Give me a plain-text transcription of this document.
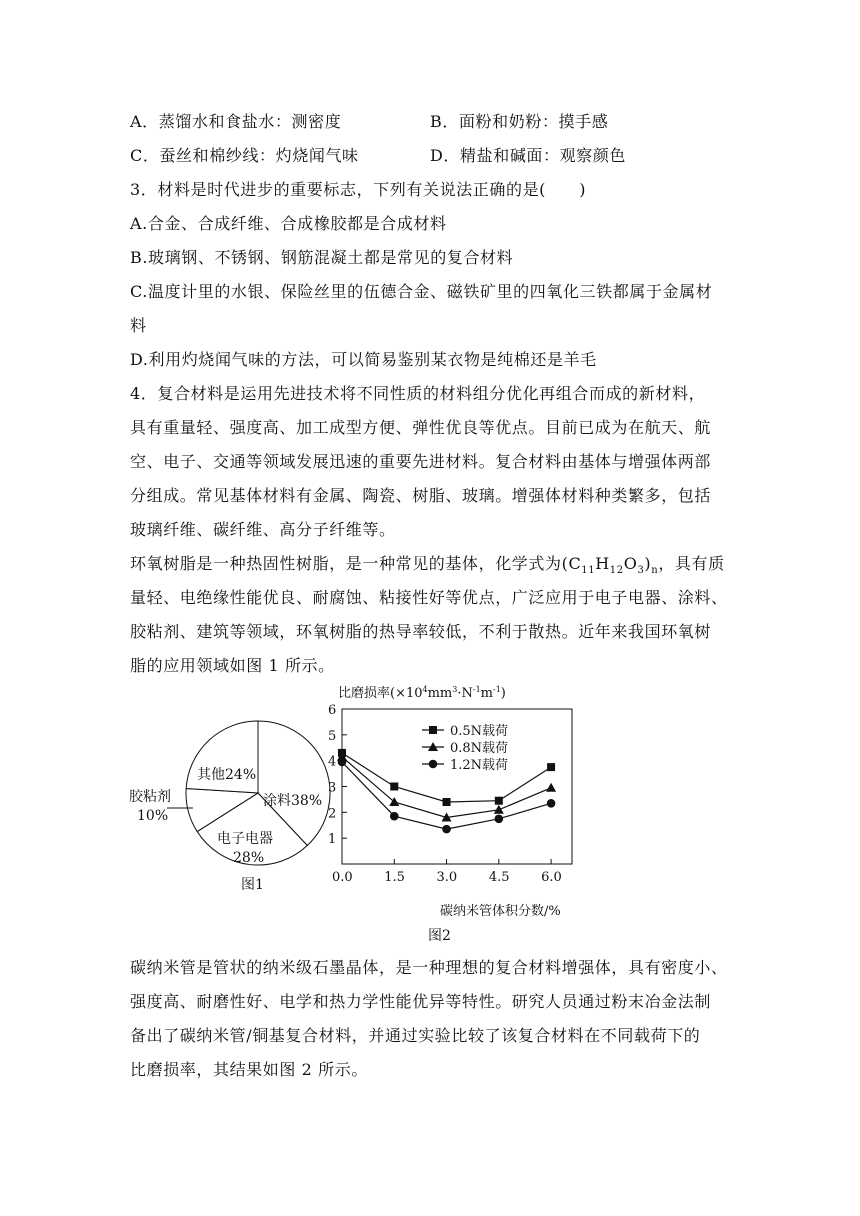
A．蒸馏水和食盐水：测密度	B．面粉和奶粉：摸手感
C．蚕丝和棉纱线：灼烧闻气味	D．精盐和碱面：观察颜色
3．材料是时代进步的重要标志，下列有关说法正确的是(　　)
A.合金、合成纤维、合成橡胶都是合成材料
B.玻璃钢、不锈钢、钢筋混凝土都是常见的复合材料
C.温度计里的水银、保险丝里的伍德合金、磁铁矿里的四氧化三铁都属于金属材
料
D.利用灼烧闻气味的方法，可以简易鉴别某衣物是纯棉还是羊毛
4．复合材料是运用先进技术将不同性质的材料组分优化再组合而成的新材料，
具有重量轻、强度高、加工成型方便、弹性优良等优点。目前已成为在航天、航
空、电子、交通等领域发展迅速的重要先进材料。复合材料由基体与增强体两部
分组成。常见基体材料有金属、陶瓷、树脂、玻璃。增强体材料种类繁多，包括
玻璃纤维、碳纤维、高分子纤维等。
环氧树脂是一种热固性树脂，是一种常见的基体，化学式为$(C_{11}H_{12}O_3)_n$，具有质
量轻、电绝缘性能优良、耐腐蚀、粘接性好等优点，广泛应用于电子电器、涂料、
胶粘剂、建筑等领域，环氧树脂的热导率较低，不利于散热。近年来我国环氧树
脂的应用领域如图 1 所示。
其他24%
涂料38%
电子电器
28%
胶粘剂
10%
图1
比磨损率$(\times 10^4mm^3\cdot N^{-1}m^{-1})$
1
2
3
4
5
6
0.0 1.5 3.0 4.5 6.0
0.5N载荷
0.8N载荷
1.2N载荷
碳纳米管体积分数/%
图2
碳纳米管是管状的纳米级石墨晶体，是一种理想的复合材料增强体，具有密度小、
强度高、耐磨性好、电学和热力学性能优异等特性。研究人员通过粉末冶金法制
备出了碳纳米管/铜基复合材料，并通过实验比较了该复合材料在不同载荷下的
比磨损率，其结果如图 2 所示。
